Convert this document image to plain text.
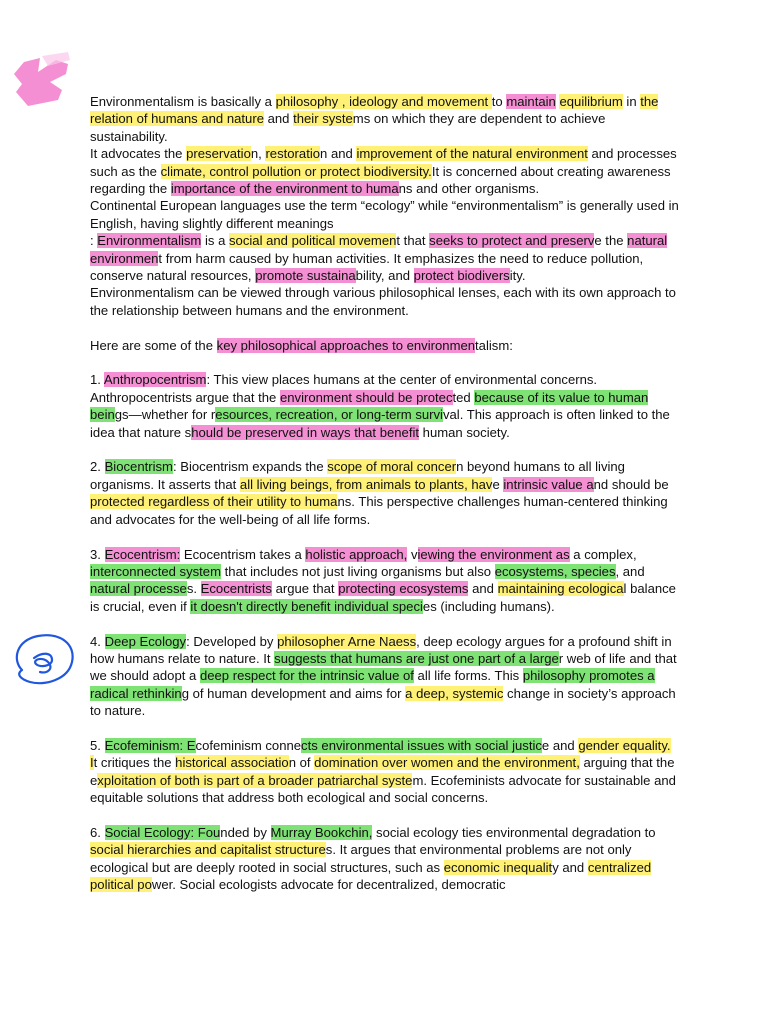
Environmentalism is basically a philosophy , ideology and movement to maintain equilibrium in the relation of humans and nature and their systems on which they are dependent to achieve sustainability.

It advocates the preservation, restoration and improvement of the natural environment and processes such as the climate, control pollution or protect biodiversity.It is concerned about creating awareness regarding the importance of the environment to humans and other organisms.

Continental European languages use the term “ecology” while “environmentalism” is generally used in English, having slightly different meanings

: Environmentalism is a social and political movement that seeks to protect and preserve the natural environment from harm caused by human activities. It emphasizes the need to reduce pollution, conserve natural resources, promote sustainability, and protect biodiversity.

Environmentalism can be viewed through various philosophical lenses, each with its own approach to the relationship between humans and the environment.

Here are some of the key philosophical approaches to environmentalism:

1. Anthropocentrism: This view places humans at the center of environmental concerns. Anthropocentrists argue that the environment should be protected because of its value to human beings—whether for resources, recreation, or long-term survival. This approach is often linked to the idea that nature should be preserved in ways that benefit human society.

2. Biocentrism: Biocentrism expands the scope of moral concern beyond humans to all living organisms. It asserts that all living beings, from animals to plants, have intrinsic value and should be protected regardless of their utility to humans. This perspective challenges human-centered thinking and advocates for the well-being of all life forms.

3. Ecocentrism: Ecocentrism takes a holistic approach, viewing the environment as a complex, interconnected system that includes not just living organisms but also ecosystems, species, and natural processes. Ecocentrists argue that protecting ecosystems and maintaining ecological balance is crucial, even if it doesn't directly benefit individual species (including humans).

4. Deep Ecology: Developed by philosopher Arne Naess, deep ecology argues for a profound shift in how humans relate to nature. It suggests that humans are just one part of a larger web of life and that we should adopt a deep respect for the intrinsic value of all life forms. This philosophy promotes a radical rethinking of human development and aims for a deep, systemic change in society’s approach to nature.

5. Ecofeminism: Ecofeminism connects environmental issues with social justice and gender equality. It critiques the historical association of domination over women and the environment, arguing that the exploitation of both is part of a broader patriarchal system. Ecofeminists advocate for sustainable and equitable solutions that address both ecological and social concerns.

6. Social Ecology: Founded by Murray Bookchin, social ecology ties environmental degradation to social hierarchies and capitalist structures. It argues that environmental problems are not only ecological but are deeply rooted in social structures, such as economic inequality and centralized political power. Social ecologists advocate for decentralized, democratic
